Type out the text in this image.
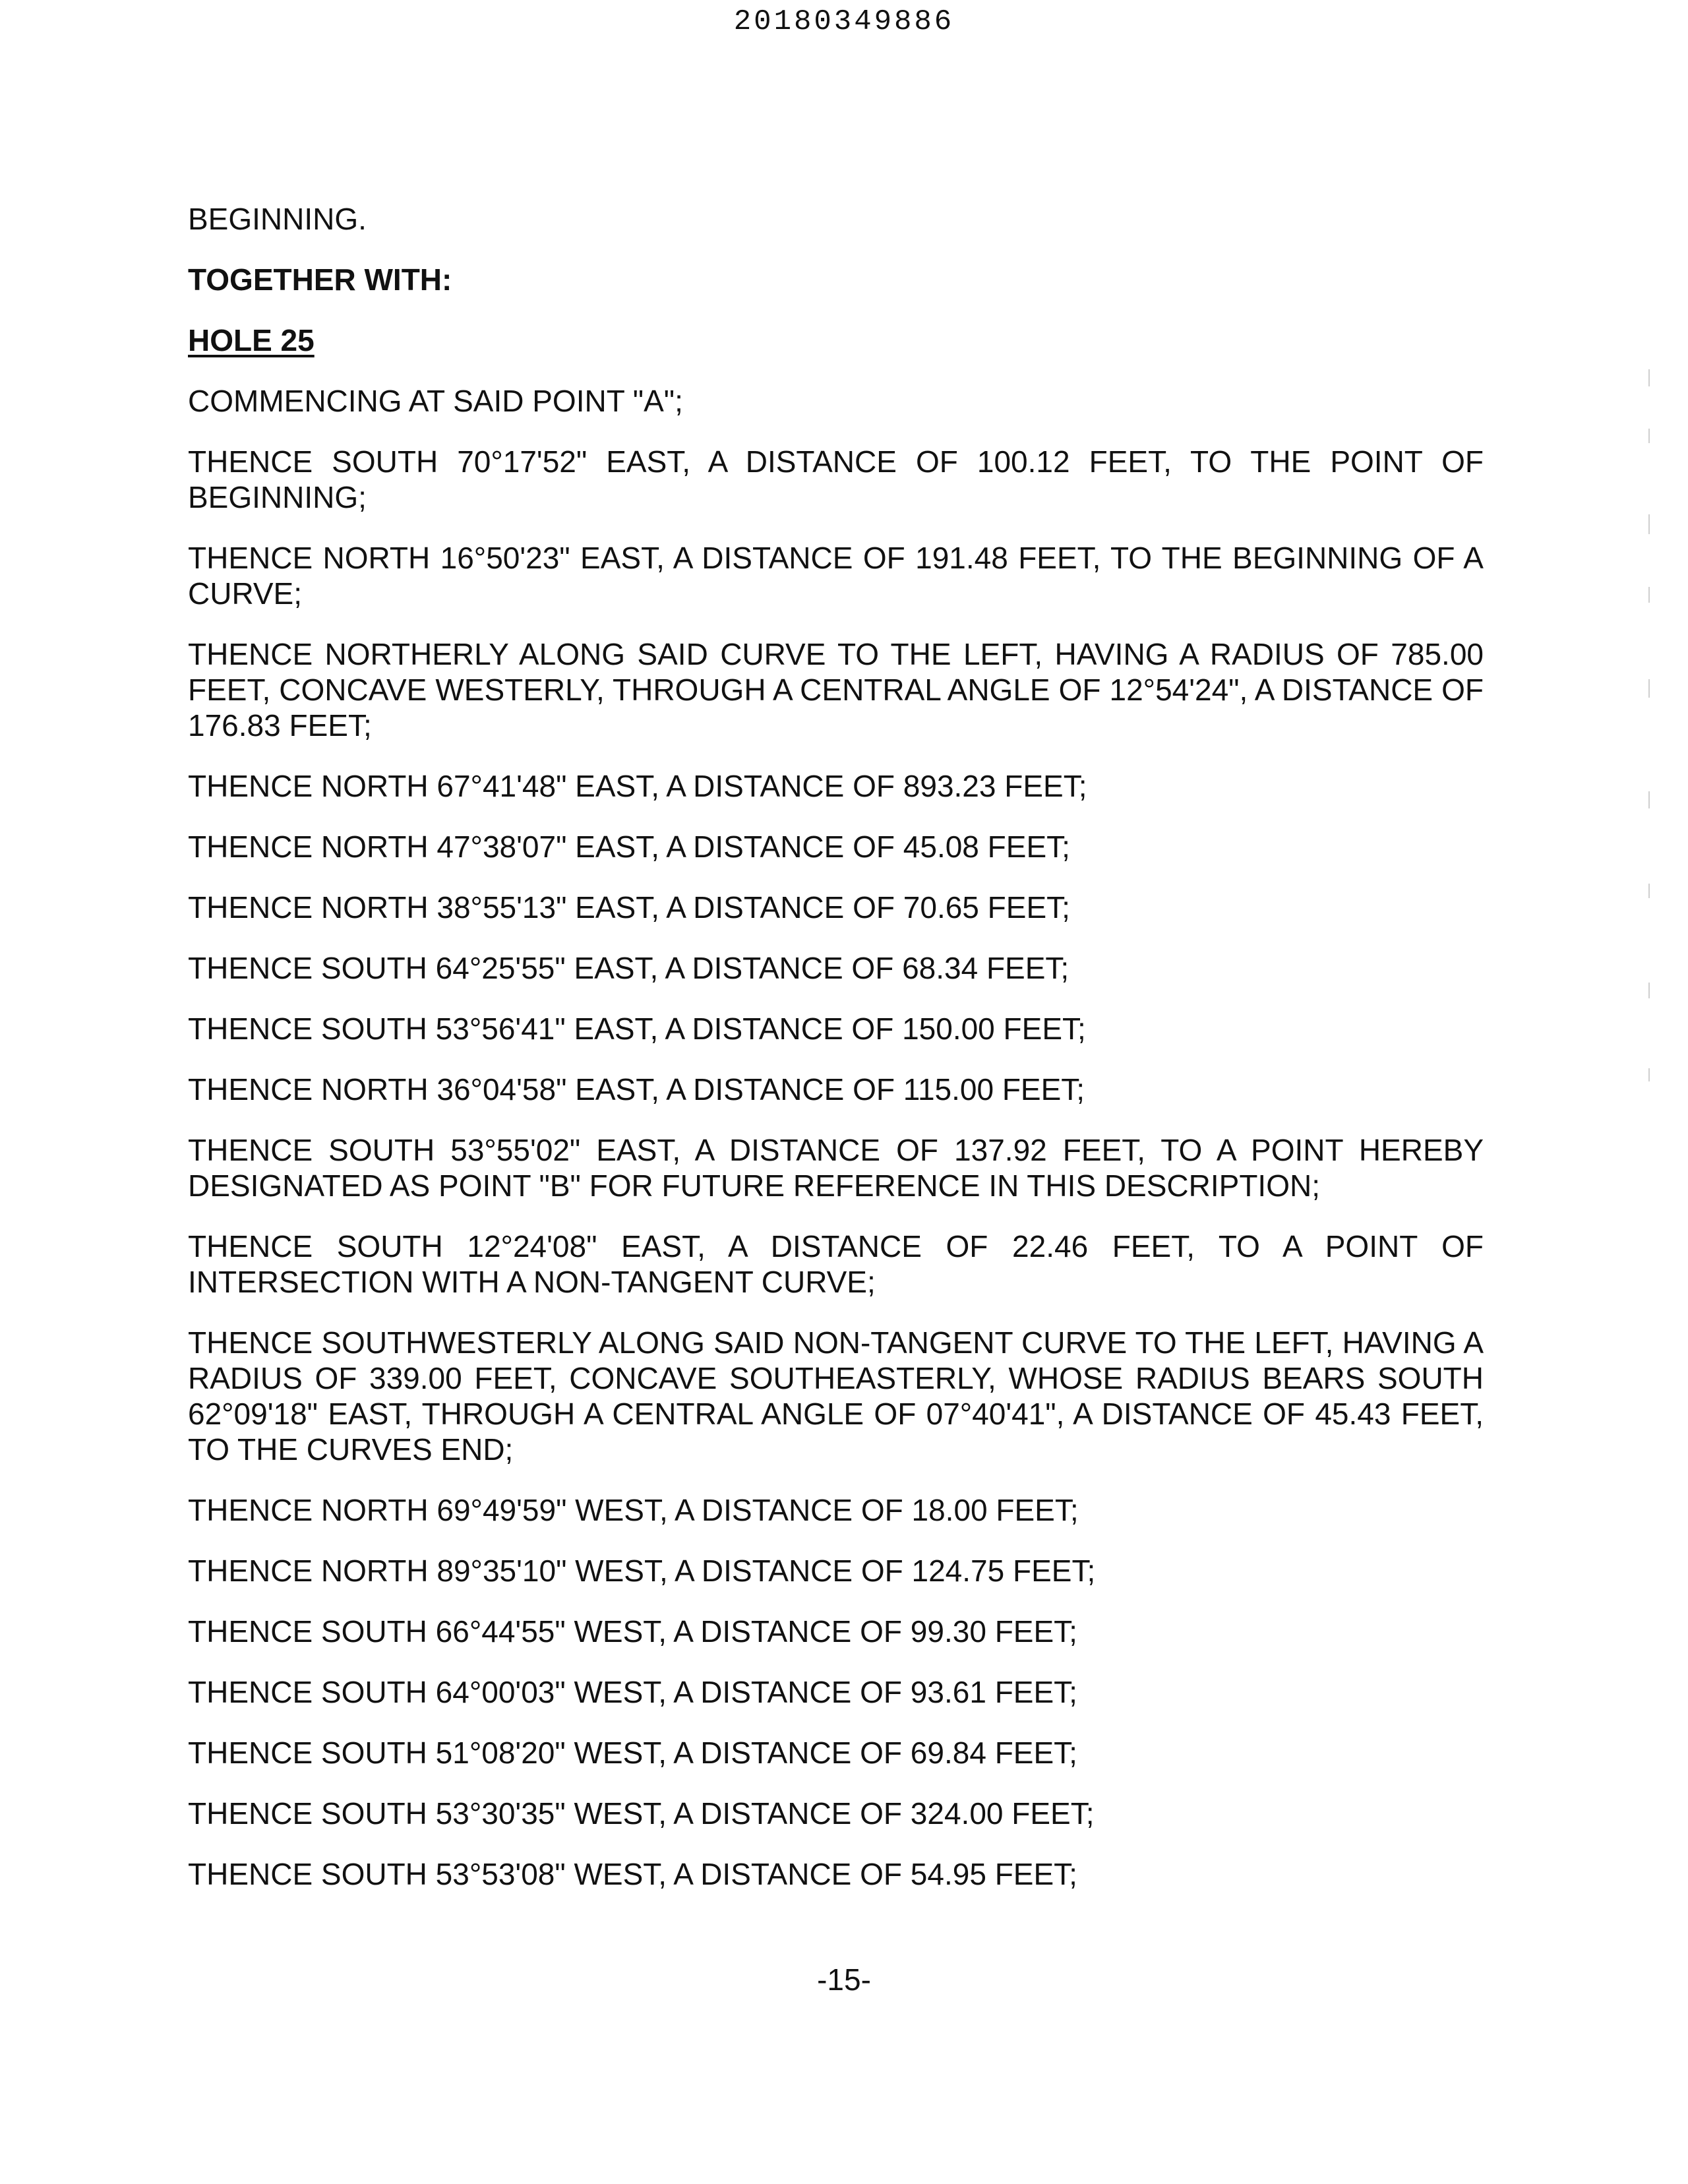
20180349886

BEGINNING.

TOGETHER WITH:

HOLE 25

COMMENCING AT SAID POINT "A";

THENCE SOUTH 70°17'52" EAST, A DISTANCE OF 100.12 FEET, TO THE POINT OF BEGINNING;

THENCE NORTH 16°50'23" EAST, A DISTANCE OF 191.48 FEET, TO THE BEGINNING OF A CURVE;

THENCE NORTHERLY ALONG SAID CURVE TO THE LEFT, HAVING A RADIUS OF 785.00 FEET, CONCAVE WESTERLY, THROUGH A CENTRAL ANGLE OF 12°54'24", A DISTANCE OF 176.83 FEET;

THENCE NORTH 67°41'48" EAST, A DISTANCE OF 893.23 FEET;

THENCE NORTH 47°38'07" EAST, A DISTANCE OF 45.08 FEET;

THENCE NORTH 38°55'13" EAST, A DISTANCE OF 70.65 FEET;

THENCE SOUTH 64°25'55" EAST, A DISTANCE OF 68.34 FEET;

THENCE SOUTH 53°56'41" EAST, A DISTANCE OF 150.00 FEET;

THENCE NORTH 36°04'58" EAST, A DISTANCE OF 115.00 FEET;

THENCE SOUTH 53°55'02" EAST, A DISTANCE OF 137.92 FEET, TO A POINT HEREBY DESIGNATED AS POINT "B" FOR FUTURE REFERENCE IN THIS DESCRIPTION;

THENCE SOUTH 12°24'08" EAST, A DISTANCE OF 22.46 FEET, TO A POINT OF INTERSECTION WITH A NON-TANGENT CURVE;

THENCE SOUTHWESTERLY ALONG SAID NON-TANGENT CURVE TO THE LEFT, HAVING A RADIUS OF 339.00 FEET, CONCAVE SOUTHEASTERLY, WHOSE RADIUS BEARS SOUTH 62°09'18" EAST, THROUGH A CENTRAL ANGLE OF 07°40'41", A DISTANCE OF 45.43 FEET, TO THE CURVES END;

THENCE NORTH 69°49'59" WEST, A DISTANCE OF 18.00 FEET;

THENCE NORTH 89°35'10" WEST, A DISTANCE OF 124.75 FEET;

THENCE SOUTH 66°44'55" WEST, A DISTANCE OF 99.30 FEET;

THENCE SOUTH 64°00'03" WEST, A DISTANCE OF 93.61 FEET;

THENCE SOUTH 51°08'20" WEST, A DISTANCE OF 69.84 FEET;

THENCE SOUTH 53°30'35" WEST, A DISTANCE OF 324.00 FEET;

THENCE SOUTH 53°53'08" WEST, A DISTANCE OF 54.95 FEET;

-15-
